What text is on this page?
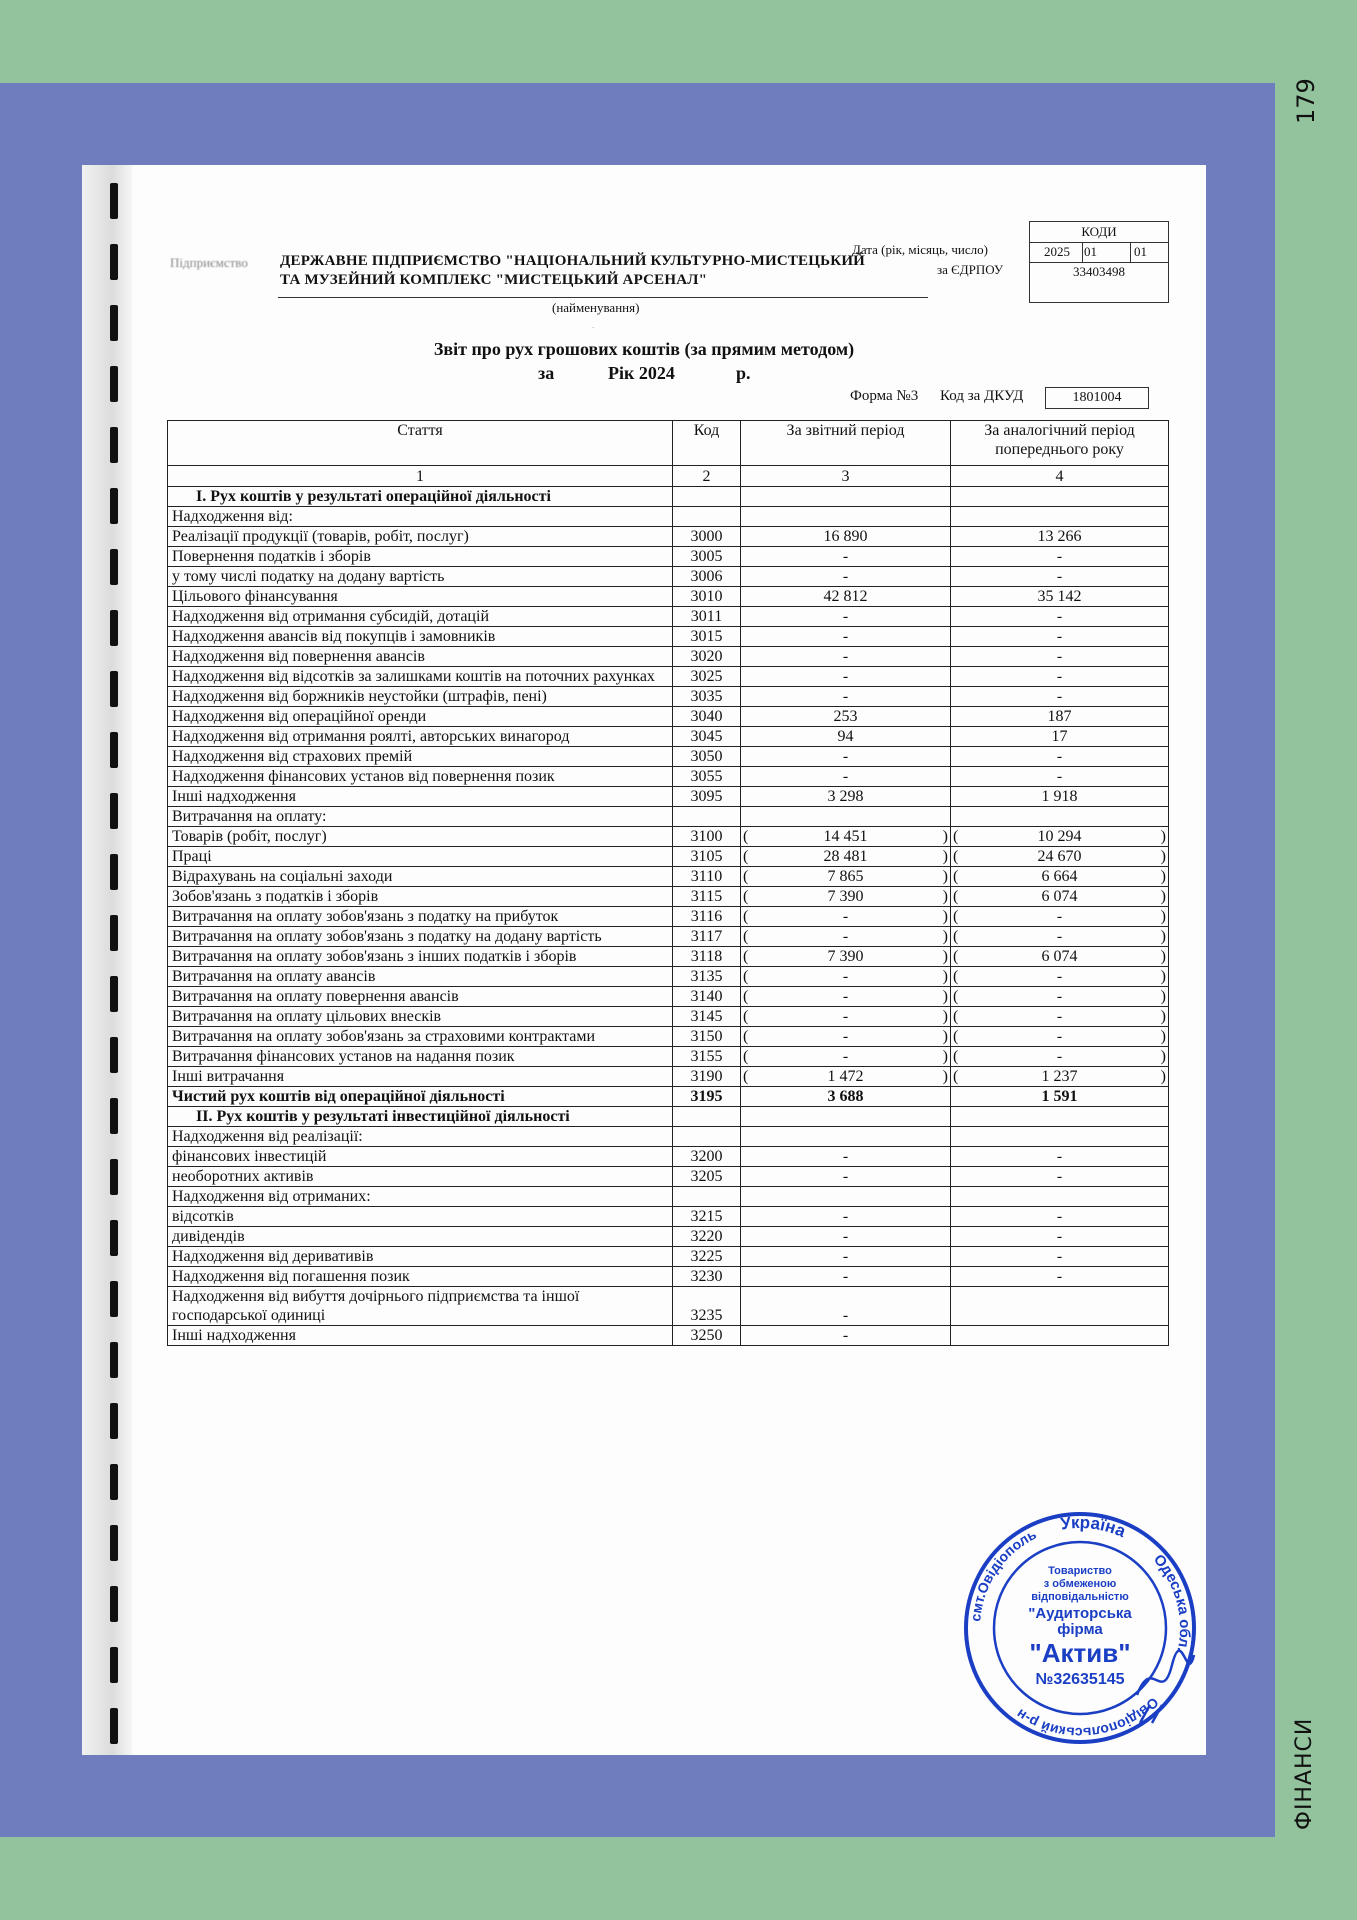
179
ФІНАНСИ
Підприємство ДЕРЖАВНЕ ПІДПРИЄМСТВО "НАЦІОНАЛЬНИЙ КУЛЬТУРНО-МИСТЕЦЬКИЙ
ТА МУЗЕЙНИЙ КОМПЛЕКС "МИСТЕЦЬКИЙ АРСЕНАЛ"
(найменування)
Дата (рік, місяць, число)
за ЄДРПОУ
КОДИ
2025	01	01
33403498
.
Звіт про рух грошових коштів (за прямим методом)
за	Рік 2024	р.
Форма №3 Код за ДКУД	1801004
Стаття	Код	За звітний період	За аналогічний період попереднього року
1	2	3	4
I. Рух коштів у результаті операційної діяльності			
Надходження від:			
Реалізації продукції (товарів, робіт, послуг)	3000	16 890	13 266
Повернення податків і зборів	3005	-	-
у тому числі податку на додану вартість	3006	-	-
Цільового фінансування	3010	42 812	35 142
Надходження від отримання субсидій, дотацій	3011	-	-
Надходження авансів від покупців і замовників	3015	-	-
Надходження від повернення авансів	3020	-	-
Надходження від відсотків за залишками коштів на поточних рахунках	3025	-	-
Надходження від боржників неустойки (штрафів, пені)	3035	-	-
Надходження від операційної оренди	3040	253	187
Надходження від отримання роялті, авторських винагород	3045	94	17
Надходження від страхових премій	3050	-	-
Надходження фінансових установ від повернення позик	3055	-	-
Інші надходження	3095	3 298	1 918
Витрачання на оплату:			
Товарів (робіт, послуг)	3100	( 14 451 )	( 10 294 )
Праці	3105	( 28 481 )	( 24 670 )
Відрахувань на соціальні заходи	3110	( 7 865 )	( 6 664 )
Зобов'язань з податків і зборів	3115	( 7 390 )	( 6 074 )
Витрачання на оплату зобов'язань з податку на прибуток	3116	( - )	( - )
Витрачання на оплату зобов'язань з податку на додану вартість	3117	( - )	( - )
Витрачання на оплату зобов'язань з інших податків і зборів	3118	( 7 390 )	( 6 074 )
Витрачання на оплату авансів	3135	( - )	( - )
Витрачання на оплату повернення авансів	3140	( - )	( - )
Витрачання на оплату цільових внесків	3145	( - )	( - )
Витрачання на оплату зобов'язань за страховими контрактами	3150	( - )	( - )
Витрачання фінансових установ на надання позик	3155	( - )	( - )
Інші витрачання	3190	( 1 472 )	( 1 237 )
Чистий рух коштів від операційної діяльності	3195	3 688	1 591
II. Рух коштів у результаті інвестиційної діяльності			
Надходження від реалізації:			
фінансових інвестицій	3200	-	-
необоротних активів	3205	-	-
Надходження від отриманих:			
відсотків	3215	-	-
дивідендів	3220	-	-
Надходження від деривативів	3225	-	-
Надходження від погашення позик	3230	-	-
Надходження від вибуття дочірнього підприємства та іншої господарської одиниці	3235	-	
Інші надходження	3250	-	
Україна
Одеська обл.
Овідіопольський р-н
смт.Овідіополь
Товариство
з обмеженою
відповідальністю
"Аудиторська
фірма
"Актив"
№32635145
